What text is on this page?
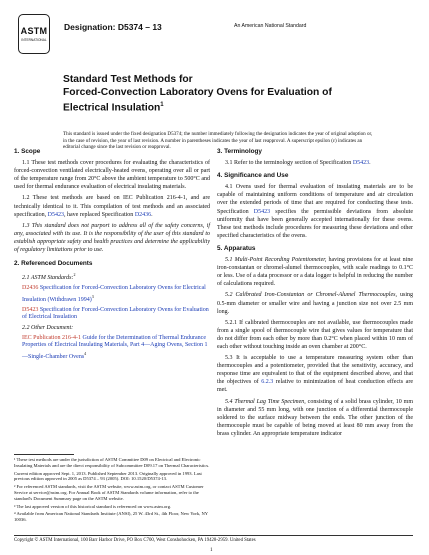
ASTM
INTERNATIONAL
Designation: D5374 – 13	An American National Standard
Standard Test Methods for
Forced-Convection Laboratory Ovens for Evaluation of
Electrical Insulation$^1$
This standard is issued under the fixed designation D5374; the number immediately following the designation indicates the year of original adoption or, in the case of revision, the year of last revision. A number in parentheses indicates the year of last reapproval. A superscript epsilon (ε) indicates an editorial change since the last revision or reapproval.
1. Scope

1.1 These test methods cover procedures for evaluating the characteristics of forced-convection ventilated electrically-heated ovens, operating over all or part of the temperature range from 20°C above the ambient temperature to 500°C and used for thermal endurance evaluation of electrical insulating materials.

1.2 These test methods are based on IEC Publication 216-4-1, and are technically identical to it. This compilation of test methods and an associated specification, D5423, have replaced Specification D2436.

1.3 This standard does not purport to address all of the safety concerns, if any, associated with its use. It is the responsibility of the user of this standard to establish appropriate safety and health practices and determine the applicability of regulatory limitations prior to use.

2. Referenced Documents

2.1 ASTM Standards:$^2$

D2436 Specification for Forced-Convection Laboratory Ovens for Electrical Insulation (Withdrawn 1994)$^3$
D5423 Specification for Forced-Convection Laboratory Ovens for Evaluation of Electrical Insulation

2.2 Other Document:

IEC Publication 216-4-1 Guide for the Determination of Thermal Endurance Properties of Electrical Insulating Materials, Part 4—Aging Ovens, Section 1—Single-Chamber Ovens$^4$
¹ These test methods are under the jurisdiction of ASTM Committee D09 on Electrical and Electronic Insulating Materials and are the direct responsibility of Subcommittee D09.17 on Thermal Characteristics.
Current edition approved Sept. 1, 2013. Published September 2013. Originally approved in 1993. Last previous edition approved in 2005 as D5374 – 93 (2005). DOI: 10.1520/D5374-13.
² For referenced ASTM standards, visit the ASTM website, www.astm.org, or contact ASTM Customer Service at service@astm.org. For Annual Book of ASTM Standards volume information, refer to the standard's Document Summary page on the ASTM website.
³ The last approved version of this historical standard is referenced on www.astm.org.
⁴ Available from American National Standards Institute (ANSI), 25 W. 43rd St., 4th Floor, New York, NY 10036.
3. Terminology

3.1 Refer to the terminology section of Specification D5423.

4. Significance and Use

4.1 Ovens used for thermal evaluation of insulating materials are to be capable of maintaining uniform conditions of temperature and air circulation over the extended periods of time that are required for conducting these tests. Specification D5423 specifies the permissible deviations from absolute uniformity that have been generally accepted internationally for these ovens. These test methods include procedures for measuring these deviations and other specified characteristics of the ovens.

5. Apparatus

5.1 Multi-Point Recording Potentiometer, having provisions for at least nine iron-constantan or chromel-alumel thermocouples, with scale readings to 0.1°C or less. Use of a data processor or a data logger is helpful in reducing the number of calculations required.

5.2 Calibrated Iron-Constantan or Chromel-Alumel Thermocouples, using 0.5-mm diameter or smaller wire and having a junction size not over 2.5 mm long.

5.2.1 If calibrated thermocouples are not available, use thermocouples made from a single spool of thermocouple wire that gives values for temperature that do not differ from each other by more than 0.2°C when placed within 10 mm of each other without touching inside an oven chamber at 200°C.

5.3 It is acceptable to use a temperature measuring system other than thermocouples and a potentiometer, provided that the sensitivity, accuracy, and response time are equivalent to that of the equipment described above, and that the objectives of 6.2.3 relative to minimization of heat conduction effects are met.

5.4 Thermal Lag Time Specimen, consisting of a solid brass cylinder, 10 mm in diameter and 55 mm long, with one junction of a differential thermocouple soldered to the surface midway between the ends. The other junction of the thermocouple must be capable of being moved at least 80 mm away from the brass cylinder. An appropriate temperature indicator

Copyright © ASTM International, 100 Barr Harbor Drive, PO Box C700, West Conshohocken, PA 19428-2959. United States
1
